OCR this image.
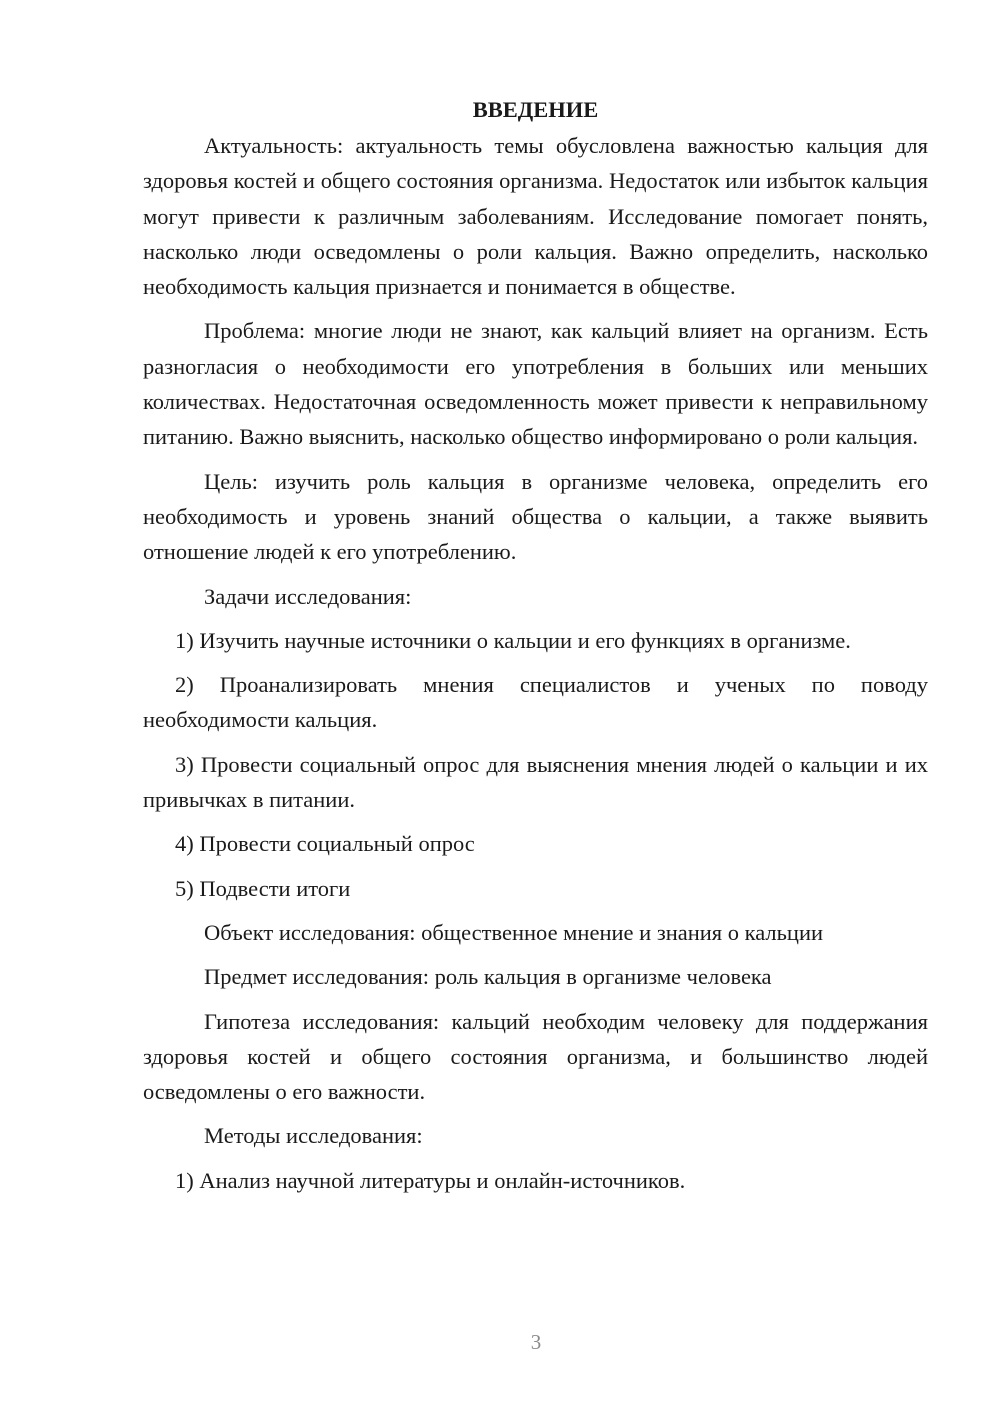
ВВЕДЕНИЕ
Актуальность: актуальность темы обусловлена важностью кальция для здоровья костей и общего состояния организма. Недостаток или избыток кальция могут привести к различным заболеваниям. Исследование помогает понять, насколько люди осведомлены о роли кальция. Важно определить, насколько необходимость кальция признается и понимается в обществе.
Проблема: многие люди не знают, как кальций влияет на организм. Есть разногласия о необходимости его употребления в больших или меньших количествах. Недостаточная осведомленность может привести к неправильному питанию. Важно выяснить, насколько общество информировано о роли кальция.
Цель: изучить роль кальция в организме человека, определить его необходимость и уровень знаний общества о кальции, а также выявить отношение людей к его употреблению.
Задачи исследования:
1) Изучить научные источники о кальции и его функциях в организме.
2) Проанализировать мнения специалистов и ученых по поводу необходимости кальция.
3) Провести социальный опрос для выяснения мнения людей о кальции и их привычках в питании.
4) Провести социальный опрос
5) Подвести итоги
Объект исследования: общественное мнение и знания о кальции
Предмет исследования: роль кальция в организме человека
Гипотеза исследования: кальций необходим человеку для поддержания здоровья костей и общего состояния организма, и большинство людей осведомлены о его важности.
Методы исследования:
1) Анализ научной литературы и онлайн-источников.
3
